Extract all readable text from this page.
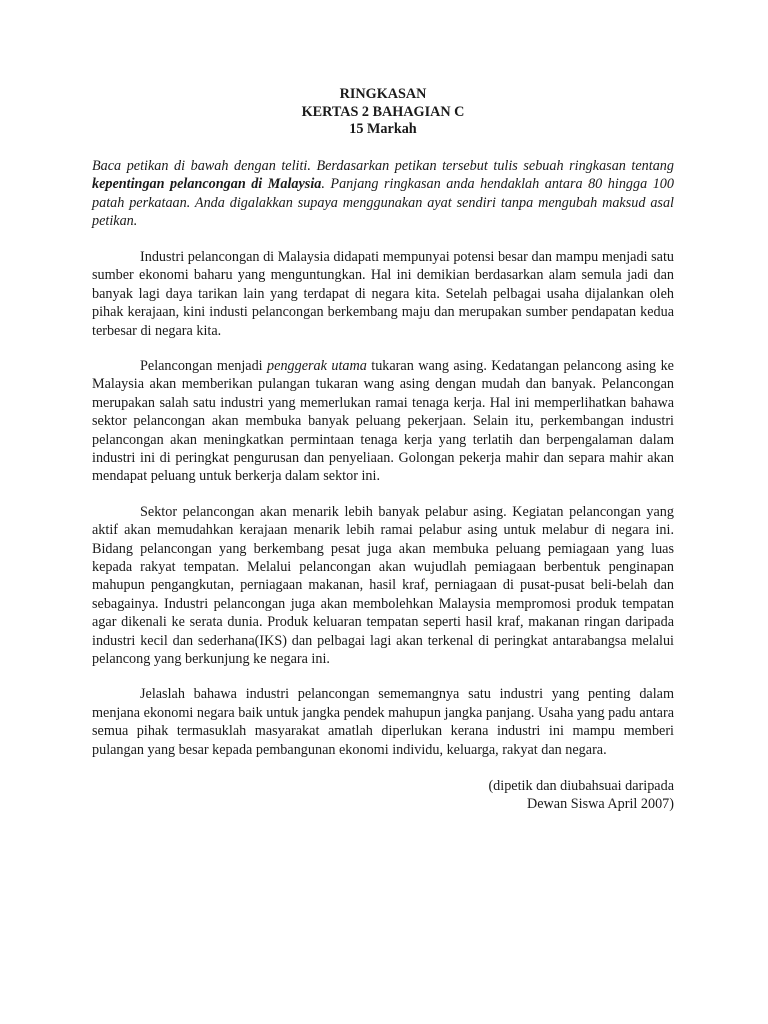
RINGKASAN
KERTAS 2 BAHAGIAN C
15 Markah
Baca petikan di bawah dengan teliti. Berdasarkan petikan tersebut tulis sebuah ringkasan tentang kepentingan pelancongan di Malaysia. Panjang ringkasan anda hendaklah antara 80 hingga 100 patah perkataan. Anda digalakkan supaya menggunakan ayat sendiri tanpa mengubah maksud asal petikan.
Industri pelancongan di Malaysia didapati mempunyai potensi besar dan mampu menjadi satu sumber ekonomi baharu yang menguntungkan. Hal ini demikian berdasarkan alam semula jadi dan banyak lagi daya tarikan lain yang terdapat di negara kita. Setelah pelbagai usaha dijalankan oleh pihak kerajaan, kini industi pelancongan berkembang maju dan merupakan sumber pendapatan kedua terbesar di negara kita.
Pelancongan menjadi penggerak utama tukaran wang asing. Kedatangan pelancong asing ke Malaysia akan memberikan pulangan tukaran wang asing dengan mudah dan banyak. Pelancongan merupakan salah satu industri yang memerlukan ramai tenaga kerja. Hal ini memperlihatkan bahawa sektor pelancongan akan membuka banyak peluang pekerjaan. Selain itu, perkembangan industri pelancongan akan meningkatkan permintaan tenaga kerja yang terlatih dan berpengalaman dalam industri ini di peringkat pengurusan dan penyeliaan. Golongan pekerja mahir dan separa mahir akan mendapat peluang untuk berkerja dalam sektor ini.
Sektor pelancongan akan menarik lebih banyak pelabur asing. Kegiatan pelancongan yang aktif akan memudahkan kerajaan menarik lebih ramai pelabur asing untuk melabur di negara ini. Bidang pelancongan yang berkembang pesat juga akan membuka peluang pemiagaan yang luas kepada rakyat tempatan. Melalui pelancongan akan wujudlah pemiagaan berbentuk penginapan mahupun pengangkutan, perniagaan makanan, hasil kraf, perniagaan di pusat-pusat beli-belah dan sebagainya. Industri pelancongan juga akan membolehkan Malaysia mempromosi produk tempatan agar dikenali ke serata dunia. Produk keluaran tempatan seperti hasil kraf, makanan ringan daripada industri kecil dan sederhana(IKS) dan pelbagai lagi akan terkenal di peringkat antarabangsa melalui pelancong yang berkunjung ke negara ini.
Jelaslah bahawa industri pelancongan sememangnya satu industri yang penting dalam menjana ekonomi negara baik untuk jangka pendek mahupun jangka panjang. Usaha yang padu antara semua pihak termasuklah masyarakat amatlah diperlukan kerana industri ini mampu memberi pulangan yang besar kepada pembangunan ekonomi individu, keluarga, rakyat dan negara.
(dipetik dan diubahsuai daripada
Dewan Siswa April 2007)
